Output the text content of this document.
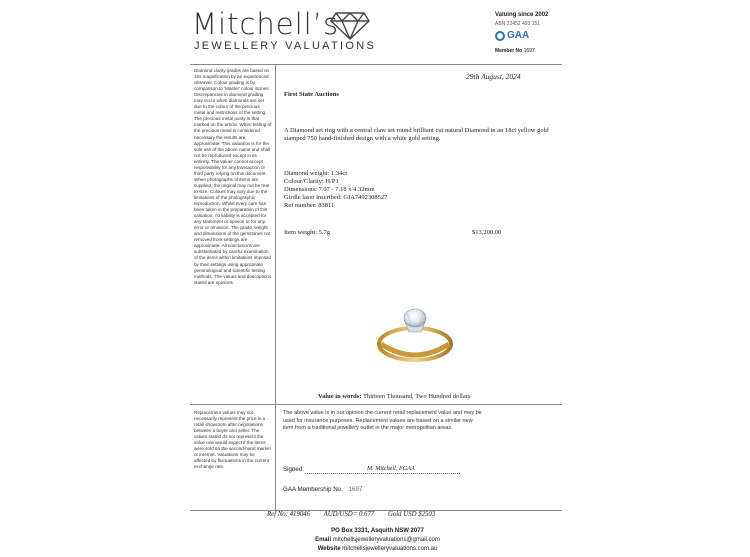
Mitchell’s
JEWELLERY VALUATIONS
Valuing since 2002
ABN 22452 493 151
GAA
Member No 1697
Diamond clarity grades are based on 10x magnification by an experienced observer. Colour grading is by comparison to 'Master' colour stones. Discrepancies in diamond grading may occur when diamonds are set due to the colour of the precious metal and restrictions of the setting. The precious metal purity is that marked on the article. When testing of the precious metal is considered necessary the results are approximate. This valuation is for the sole use of the above name and shall not be reproduced except in its entirety. The valuer cannot accept responsibility for any transaction or third party relying on this document. When photographs of items are supplied, the original may not be true to size. Colours may vary due to the limitations of the photographic reproduction. Whilst every care has been taken in the preparation of this valuation, no liability is accepted for any statement or opinion or for any error or omission. The grade, weight and dimensions of the gemstones not removed from settings are approximate. All conclusions are substantiated by careful examination of the items within limitations imposed by their settings using appropriate gemmological and scientific testing methods. The values and descriptions stated are opinions.
Replacement values may not necessarily represent the price in a retail showroom after negotiations between a buyer and seller. The values stated do not represent the value one would expect if the items were sold on the second-hand market or internet. Valuations may be affected by fluctuations in the current exchange rate.
29th August, 2024
First State Auctions
A Diamond set ring with a central claw set round brilliant cut natural Diamond in an 18ct yellow gold stamped 750 hand-finished design with a white gold setting.
Diamond weight: 1.34ct
Colour/Clarity: H/P1
Dimensions: 7.07 - 7.18 x 4.32mm
Girdle laser inscribed: GIA7492308527
Ref number: 83811
Item weight: 5.7g	$13,200.00
Value in words: Thirteen Thousand, Two Hundred dollars
The above value is in our opinion the current retail replacement value and may be used for insurance purposes. Replacement values are based on a similar new item from a traditional jewellery outlet in the major metropolitan areas.
Signed:	M. Mitchell, FGAA
GAA Membership No. 1697
Ref No: 419046 AUD/USD= 0.677 Gold USD $2503
PO Box 3331, Asquith NSW 2077
Email mitchellsjewelleryvaluations@gmail.com
Website mitchellsjewelleryvaluations.com.au
